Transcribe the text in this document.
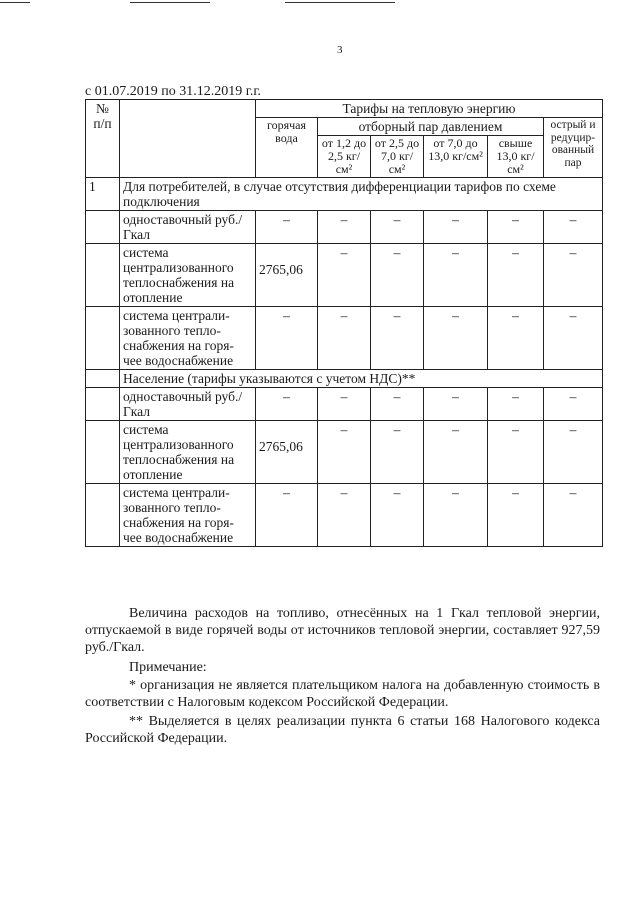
3
с 01.07.2019 по 31.12.2019 г.г.
№ п/п		Тарифы на тепловую энергию					
		горячая вода	отборный пар давлением				острый и редуцир-ованный пар
			от 1,2 до 2,5 кг/см²	от 2,5 до 7,0 кг/см²	от 7,0 до 13,0 кг/см²	свыше 13,0 кг/см²	
1	Для потребителей, в случае отсутствия дифференциации тарифов по схеме подключения						
	одноставочный руб./Гкал	–	–	–	–	–	–
	система централизованного теплоснабжения на отопление	2765,06	–	–	–	–	–
	система централи-зованного тепло-снабжения на горя-чее водоснабжение	–	–	–	–	–	–
	Население (тарифы указываются с учетом НДС)**						
	одноставочный руб./Гкал	–	–	–	–	–	–
	система централизованного теплоснабжения на отопление	2765,06	–	–	–	–	–
	система централи-зованного тепло-снабжения на горя-чее водоснабжение	–	–	–	–	–	–
Величина расходов на топливо, отнесённых на 1 Гкал тепловой энергии, отпускаемой в виде горячей воды от источников тепловой энергии, составляет 927,59 руб./Гкал.
Примечание:
* организация не является плательщиком налога на добавленную стоимость в соответствии с Налоговым кодексом Российской Федерации.
** Выделяется в целях реализации пункта 6 статьи 168 Налогового кодекса Российской Федерации.
